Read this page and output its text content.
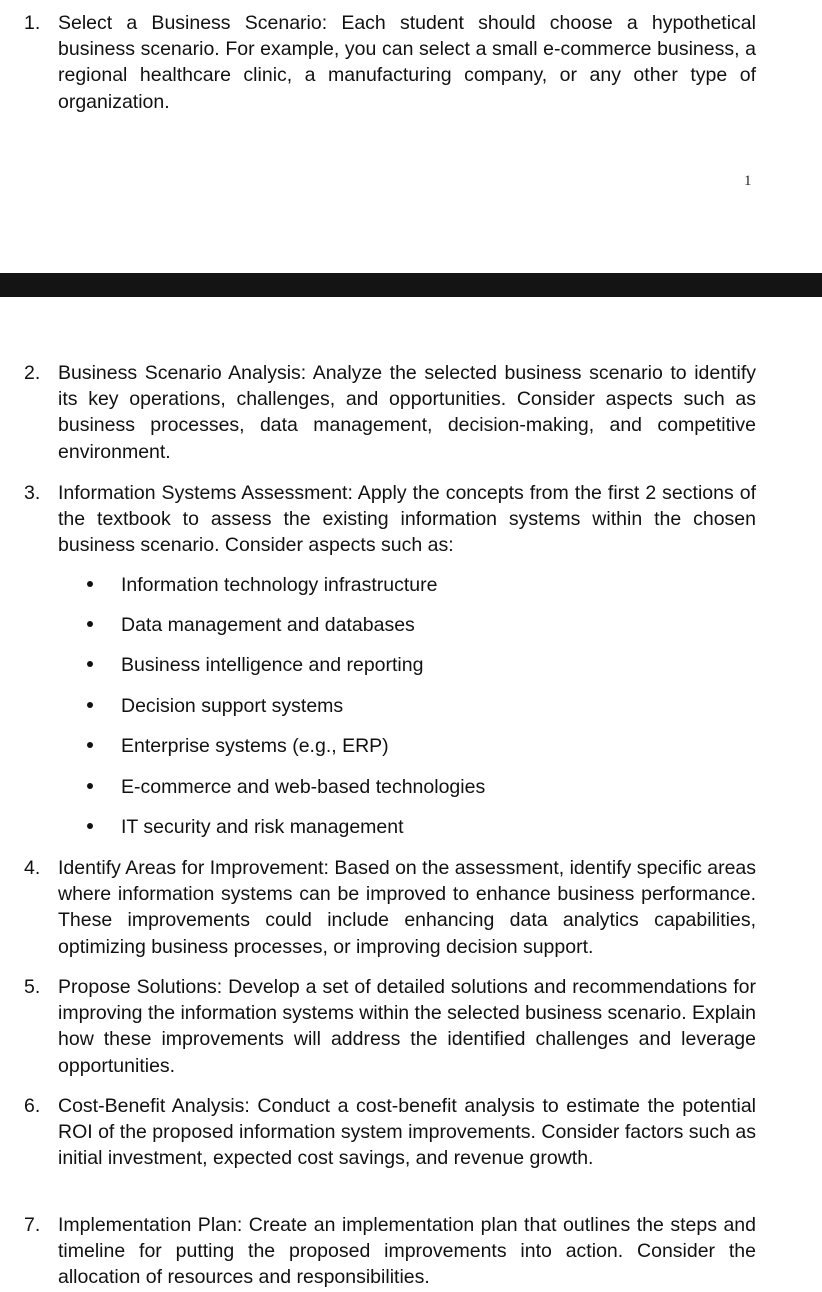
1. Select a Business Scenario: Each student should choose a hypothetical business scenario. For example, you can select a small e-commerce business, a regional healthcare clinic, a manufacturing company, or any other type of organization.
1
2. Business Scenario Analysis: Analyze the selected business scenario to identify its key operations, challenges, and opportunities. Consider aspects such as business processes, data management, decision-making, and competitive environment.
3. Information Systems Assessment: Apply the concepts from the first 2 sections of the textbook to assess the existing information systems within the chosen business scenario. Consider aspects such as:
Information technology infrastructure
Data management and databases
Business intelligence and reporting
Decision support systems
Enterprise systems (e.g., ERP)
E-commerce and web-based technologies
IT security and risk management
4. Identify Areas for Improvement: Based on the assessment, identify specific areas where information systems can be improved to enhance business performance. These improvements could include enhancing data analytics capabilities, optimizing business processes, or improving decision support.
5. Propose Solutions: Develop a set of detailed solutions and recommendations for improving the information systems within the selected business scenario. Explain how these improvements will address the identified challenges and leverage opportunities.
6. Cost-Benefit Analysis: Conduct a cost-benefit analysis to estimate the potential ROI of the proposed information system improvements. Consider factors such as initial investment, expected cost savings, and revenue growth.
7. Implementation Plan: Create an implementation plan that outlines the steps and timeline for putting the proposed improvements into action. Consider the allocation of resources and responsibilities.
